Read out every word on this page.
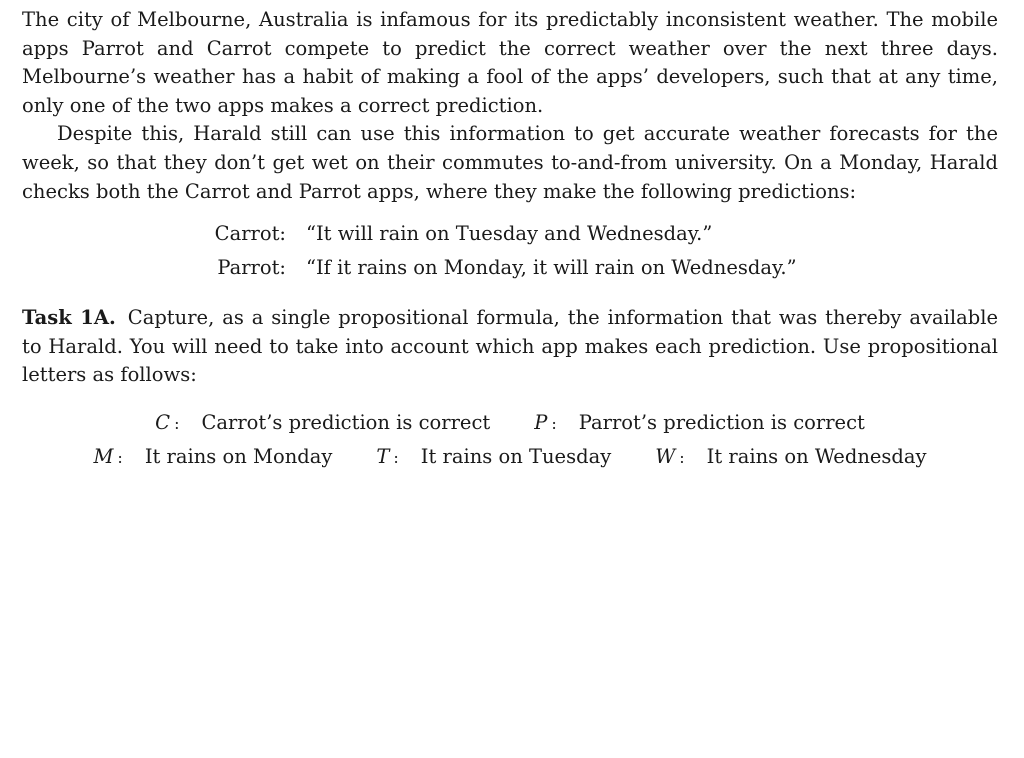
The city of Melbourne, Australia is infamous for its predictably inconsistent weather. The mobile apps Parrot and Carrot compete to predict the correct weather over the next three days. Melbourne’s weather has a habit of making a fool of the apps’ developers, such that at any time, only one of the two apps makes a correct prediction.

Despite this, Harald still can use this information to get accurate weather forecasts for the week, so that they don’t get wet on their commutes to-and-from university. On a Monday, Harald checks both the Carrot and Parrot apps, where they make the following predictions:

Carrot: “It will rain on Tuesday and Wednesday.”
Parrot: “If it rains on Monday, it will rain on Wednesday.”

Task 1A. Capture, as a single propositional formula, the information that was thereby available to Harald. You will need to take into account which app makes each prediction. Use propositional letters as follows:

C : Carrot’s prediction is correct P : Parrot’s prediction is correct
M : It rains on Monday T : It rains on Tuesday W : It rains on Wednesday
